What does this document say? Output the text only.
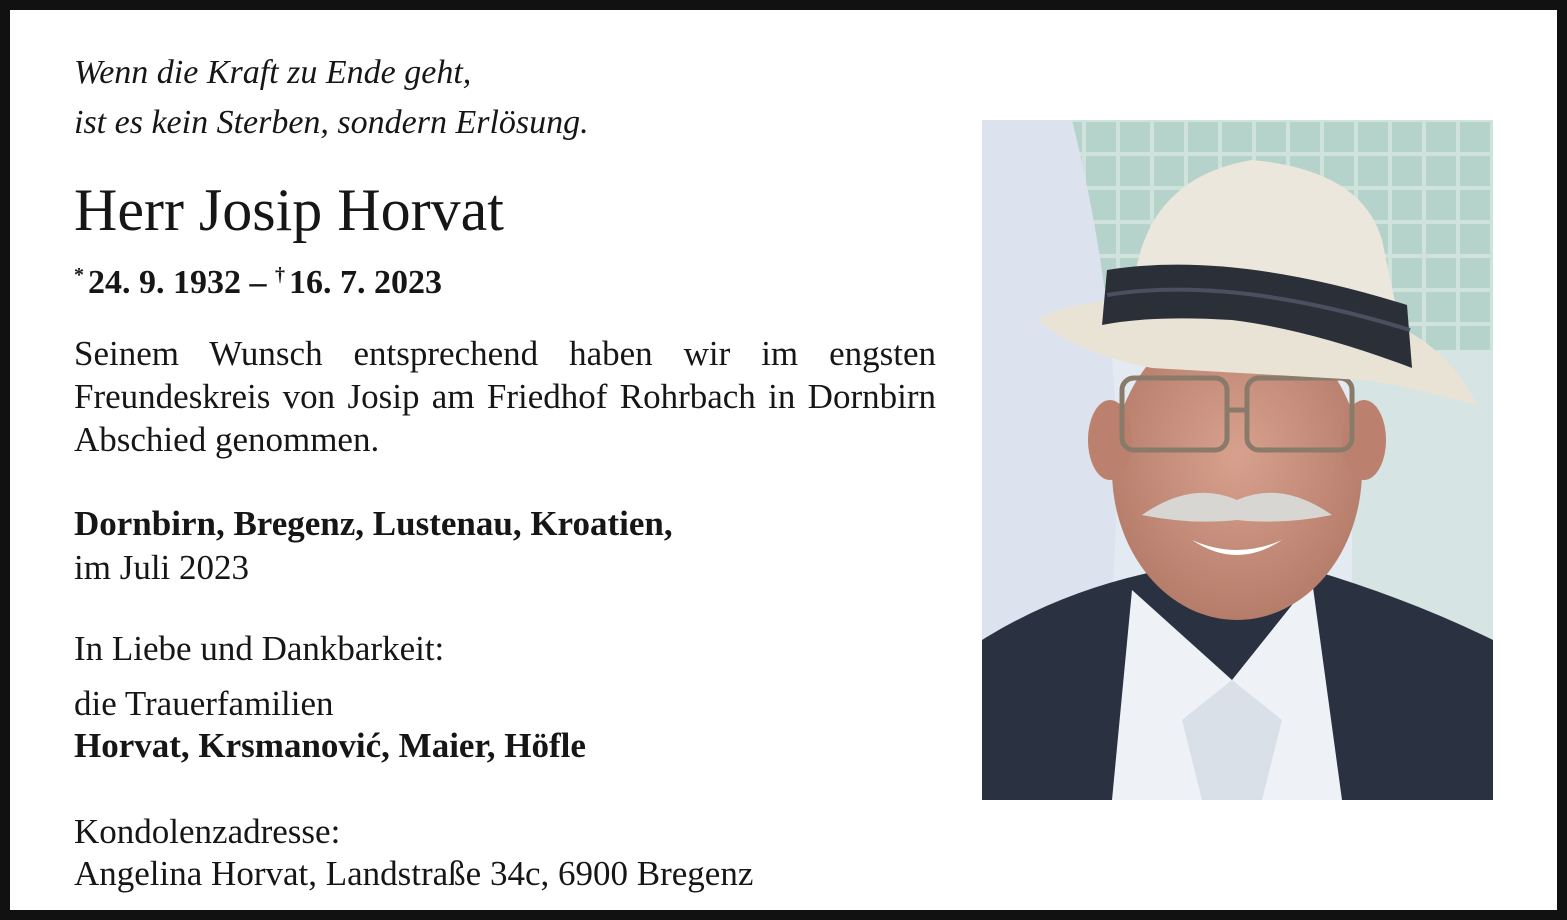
Wenn die Kraft zu Ende geht,
ist es kein Sterben, sondern Erlösung.
Herr Josip Horvat
* 24. 9. 1932 – † 16. 7. 2023
Seinem Wunsch entsprechend haben wir im engsten Freundeskreis von Josip am Friedhof Rohrbach in Dornbirn Abschied genommen.
Dornbirn, Bregenz, Lustenau, Kroatien,
im Juli 2023
In Liebe und Dankbarkeit:
die Trauerfamilien
Horvat, Krsmanović, Maier, Höfle
Kondolenzadresse:
Angelina Horvat, Landstraße 34c, 6900 Bregenz
